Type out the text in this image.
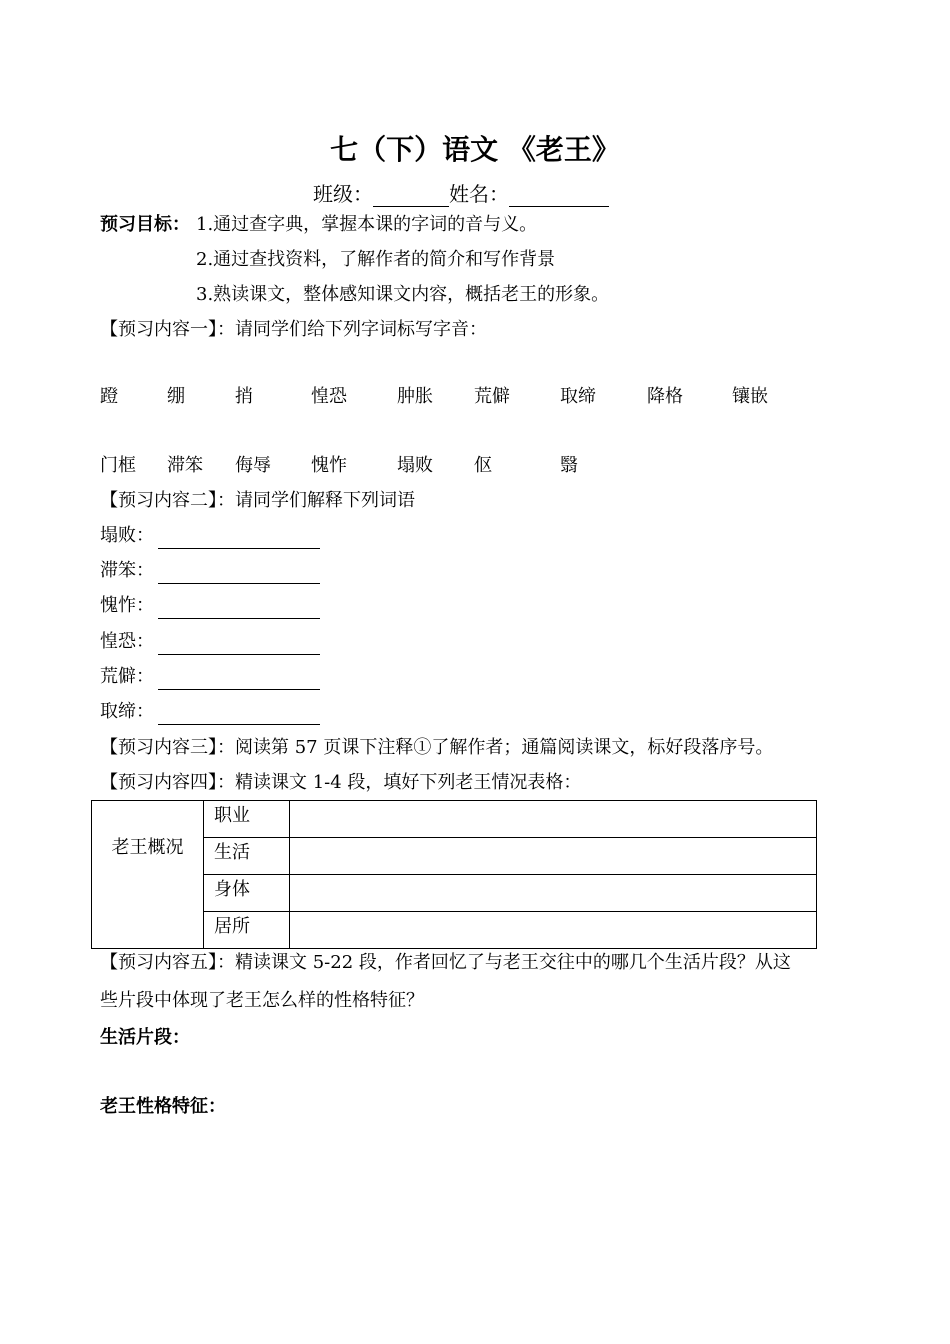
七（下）语文 《老王》
班级：	姓名：
预习目标： 1.通过查字典，掌握本课的字词的音与义。
2.通过查找资料，了解作者的简介和写作背景
3.熟读课文，整体感知课文内容，概括老王的形象。
【预习内容一】：请同学们给下列字词标写字音：
蹬	绷	捎	惶恐	肿胀 荒僻	取缔	降格	镶嵌
门框 滞笨 侮辱 愧怍	塌败 伛	翳
【预习内容二】：请同学们解释下列词语
塌败：
滞笨：
愧怍：
惶恐：
荒僻：
取缔：
【预习内容三】：阅读第 57 页课下注释①了解作者；通篇阅读课文，标好段落序号。
【预习内容四】：精读课文 1-4 段，填好下列老王情况表格：
老王概况	职业	
	生活	
	身体	
	居所	
【预习内容五】：精读课文 5-22 段，作者回忆了与老王交往中的哪几个生活片段？从这
些片段中体现了老王怎么样的性格特征？
生活片段：
老王性格特征：
